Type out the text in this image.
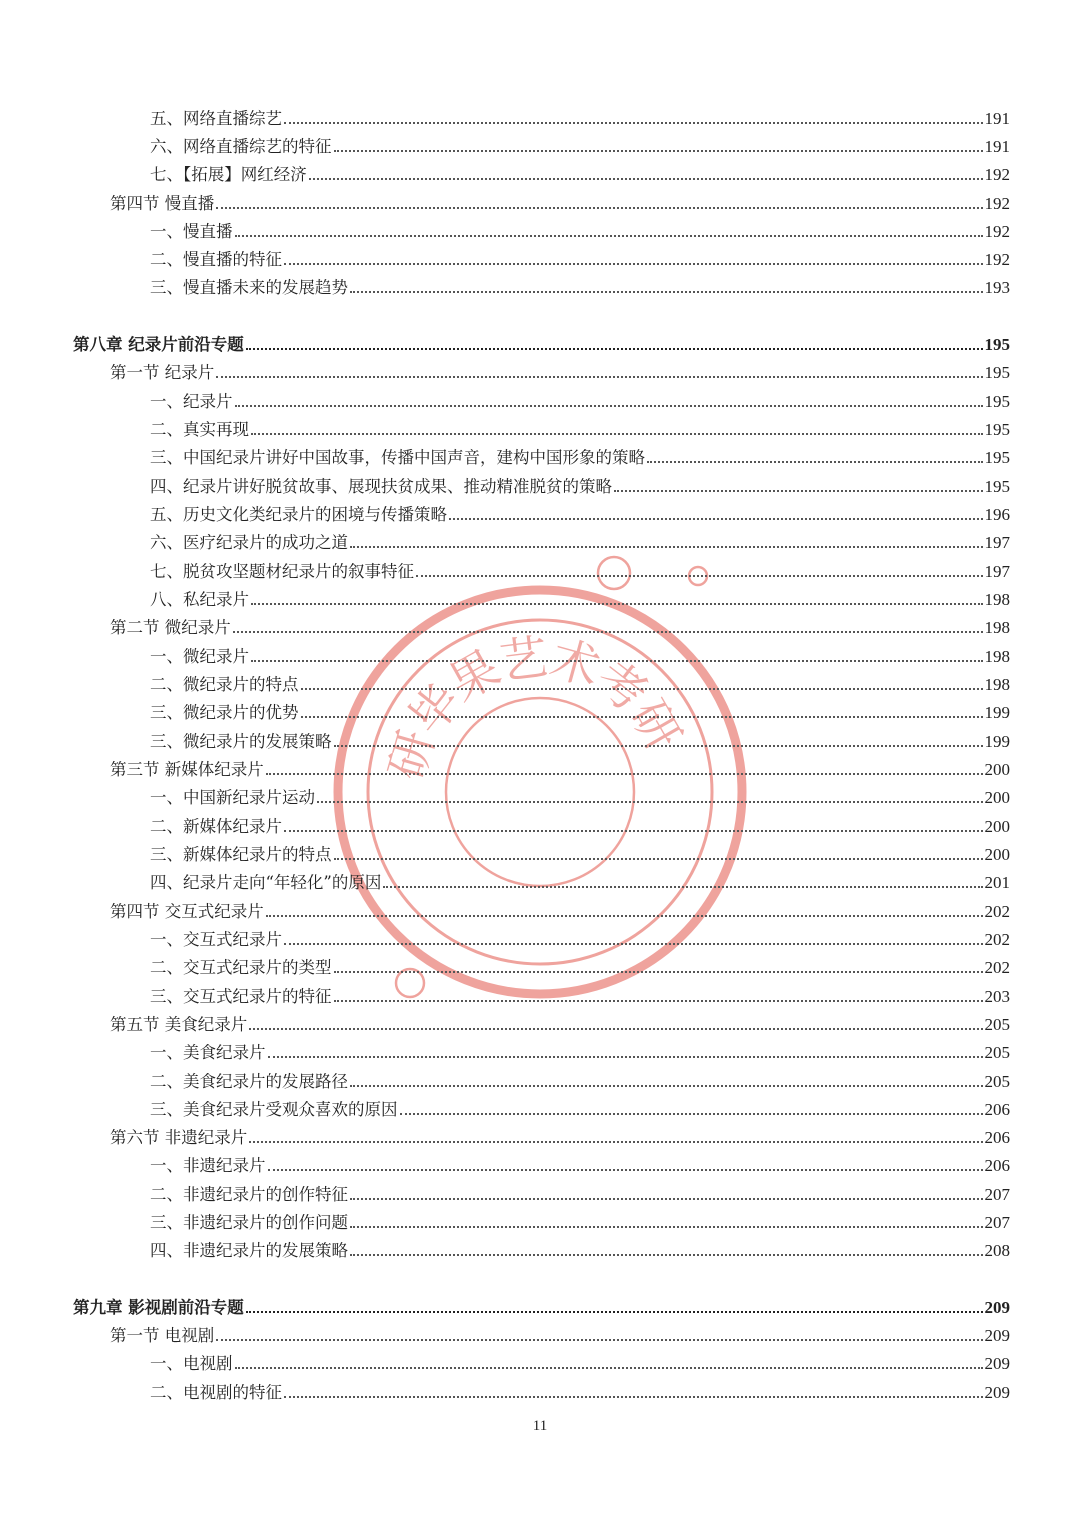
研
毕
果
艺
术
考
研
五、网络直播综艺	191
六、网络直播综艺的特征	191
七、【拓展】网红经济	192
第四节 慢直播	192
一、慢直播	192
二、慢直播的特征	192
三、慢直播未来的发展趋势	193
第八章 纪录片前沿专题	195
第一节 纪录片	195
一、纪录片	195
二、真实再现	195
三、中国纪录片讲好中国故事，传播中国声音，建构中国形象的策略	195
四、纪录片讲好脱贫故事、展现扶贫成果、推动精准脱贫的策略	195
五、历史文化类纪录片的困境与传播策略	196
六、医疗纪录片的成功之道	197
七、脱贫攻坚题材纪录片的叙事特征	197
八、私纪录片	198
第二节 微纪录片	198
一、微纪录片	198
二、微纪录片的特点	198
三、微纪录片的优势	199
三、微纪录片的发展策略	199
第三节 新媒体纪录片	200
一、中国新纪录片运动	200
二、新媒体纪录片	200
三、新媒体纪录片的特点	200
四、纪录片走向“年轻化”的原因	201
第四节 交互式纪录片	202
一、交互式纪录片	202
二、交互式纪录片的类型	202
三、交互式纪录片的特征	203
第五节 美食纪录片	205
一、美食纪录片	205
二、美食纪录片的发展路径	205
三、美食纪录片受观众喜欢的原因	206
第六节 非遗纪录片	206
一、非遗纪录片	206
二、非遗纪录片的创作特征	207
三、非遗纪录片的创作问题	207
四、非遗纪录片的发展策略	208
第九章 影视剧前沿专题	209
第一节 电视剧	209
一、电视剧	209
二、电视剧的特征	209
11
